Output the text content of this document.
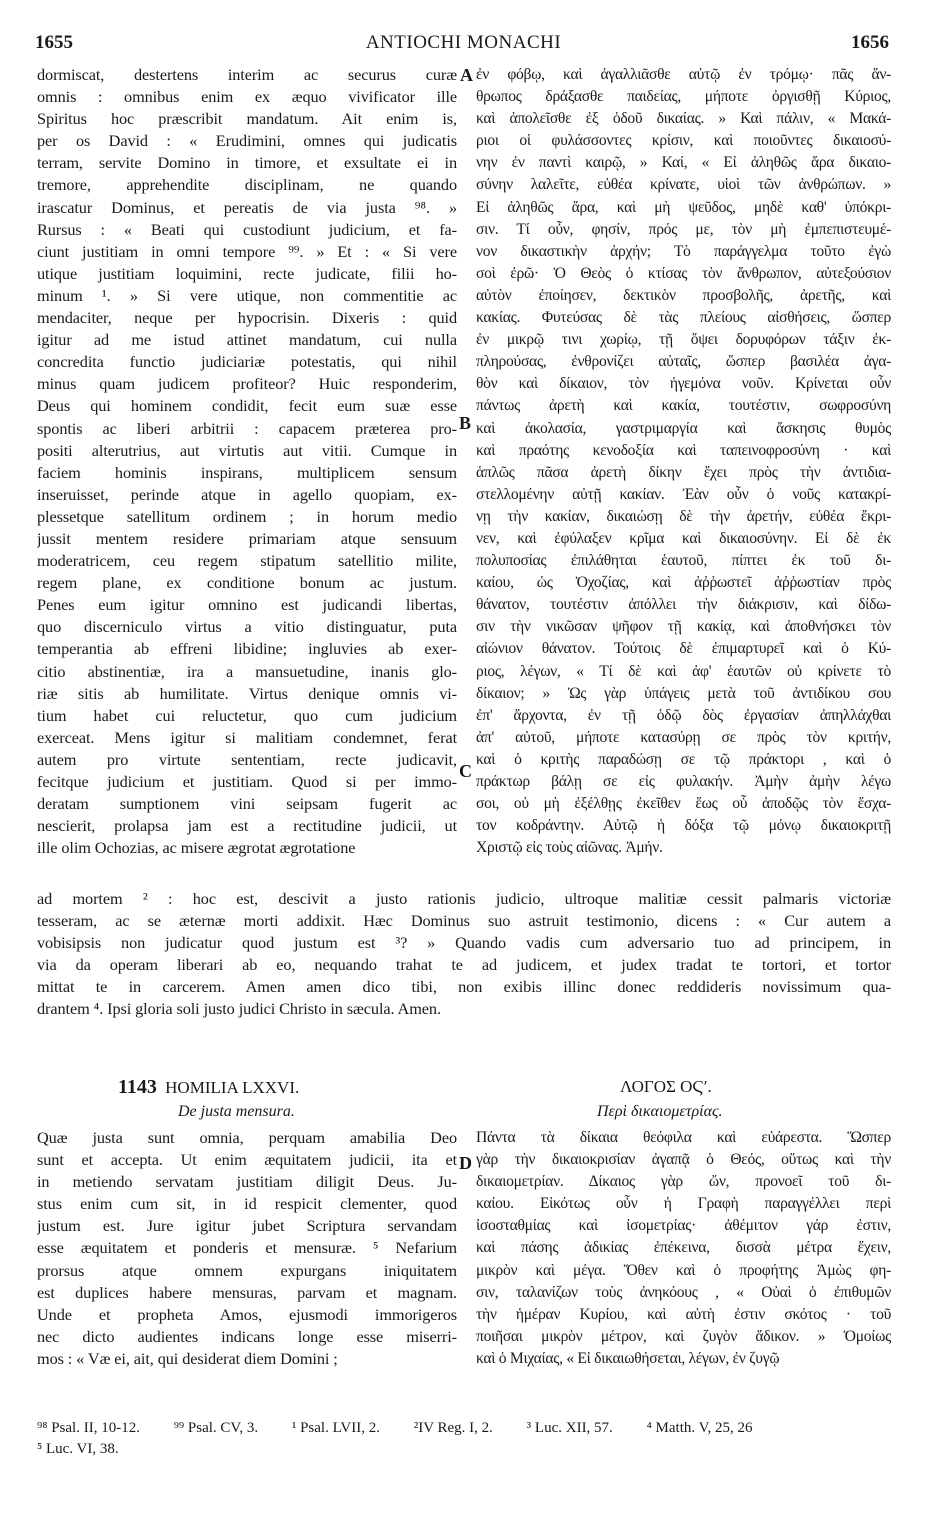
1655	ANTIOCHI MONACHI	1656
dormiscat, destertens interim ac securus curæ
omnis : omnibus enim ex æquo vivificator ille
Spiritus hoc præscribit mandatum. Ait enim is,
per os David : « Erudimini, omnes qui judicatis
terram, servite Domino in timore, et exsultate ei in
tremore, apprehendite disciplinam, ne quando
irascatur Dominus, et pereatis de via justa ⁹⁸. »
Rursus : « Beati qui custodiunt judicium, et fa-
ciunt justitiam in omni tempore ⁹⁹. » Et : « Si vere
utique justitiam loquimini, recte judicate, filii ho-
minum ¹. » Si vere utique, non commentitie ac
mendaciter, neque per hypocrisin. Dixeris : quid
igitur ad me istud attinet mandatum, cui nulla
concredita functio judiciariæ potestatis, qui nihil
minus quam judicem profiteor? Huic responderim,
Deus qui hominem condidit, fecit eum suæ esse
spontis ac liberi arbitrii : capacem præterea pro-
positi alterutrius, aut virtutis aut vitii. Cumque in
faciem hominis inspirans, multiplicem sensum
inseruisset, perinde atque in agello quopiam, ex-
plessetque satellitum ordinem ; in horum medio
jussit mentem residere primariam atque sensuum
moderatricem, ceu regem stipatum satellitio milite,
regem plane, ex conditione bonum ac justum.
Penes eum igitur omnino est judicandi libertas,
quo discerniculo virtus a vitio distinguatur, puta
temperantia ab effreni libidine; ingluvies ab exer-
citio abstinentiæ, ira a mansuetudine, inanis glo-
riæ sitis ab humilitate. Virtus denique omnis vi-
tium habet cui reluctetur, quo cum judicium
exerceat. Mens igitur si malitiam condemnet, ferat
autem pro virtute sententiam, recte judicavit,
fecitque judicium et justitiam. Quod si per immo-
deratam sumptionem vini seipsam fugerit ac
nescierit, prolapsa jam est a rectitudine judicii, ut
ille olim Ochozias, ac misere ægrotat ægrotatione
ἐν φόβῳ, καὶ ἀγαλλιᾶσθε αὐτῷ ἐν τρόμῳ· πᾶς ἄν-
θρωπος δράξασθε παιδείας, μήποτε ὀργισθῇ Κύριος,
καὶ ἀπολεῖσθε ἐξ ὁδοῦ δικαίας. » Καὶ πάλιν, « Μακά-
ριοι οἱ φυλάσσοντες κρίσιν, καὶ ποιοῦντες δικαιοσύ-
νην ἐν παντὶ καιρῷ, » Καί, « Εἰ ἀληθῶς ἄρα δικαιο-
σύνην λαλεῖτε, εὐθέα κρίνατε, υἱοὶ τῶν ἀνθρώπων. »
Εἰ ἀληθῶς ἄρα, καὶ μὴ ψεῦδος, μηδὲ καθ' ὑπόκρι-
σιν. Τί οὖν, φησίν, πρός με, τὸν μὴ ἐμπεπιστευμέ-
νον δικαστικὴν ἀρχήν; Τὸ παράγγελμα τοῦτο ἐγὼ
σοὶ ἐρῶ· Ὁ Θεὸς ὁ κτίσας τὸν ἄνθρωπον, αὐτεξούσιον
αὐτὸν ἐποίησεν, δεκτικὸν προσβολῆς, ἀρετῆς, καὶ
κακίας. Φυτεύσας δὲ τὰς πλείους αἰσθήσεις, ὥσπερ
ἐν μικρῷ τινι χωρίῳ, τῇ ὄψει δορυφόρων τάξιν ἐκ-
πληρούσας, ἐνθρονίζει αὐταῖς, ὥσπερ βασιλέα ἀγα-
θὸν καὶ δίκαιον, τὸν ἡγεμόνα νοῦν. Κρίνεται οὖν
πάντως ἀρετὴ καὶ κακία, τουτέστιν, σωφροσύνη
καὶ ἀκολασία, γαστριμαργία καὶ ἄσκησις θυμὸς
καὶ πραότης κενοδοξία καὶ ταπεινοφροσύνη · καὶ
ἁπλῶς πᾶσα ἀρετὴ δίκην ἔχει πρὸς τὴν ἀντιδια-
στελλομένην αὐτῇ κακίαν. Ἐὰν οὖν ὁ νοῦς κατακρί-
νῃ τὴν κακίαν, δικαιώσῃ δὲ τὴν ἀρετήν, εὐθέα ἔκρι-
νεν, καὶ ἐφύλαξεν κρῖμα καὶ δικαιοσύνην. Εἰ δὲ ἐκ
πολυποσίας ἐπιλάθηται ἑαυτοῦ, πίπτει ἐκ τοῦ δι-
καίου, ὡς Ὀχοζίας, καὶ ἀῤῥωστεῖ ἀῤῥωστίαν πρὸς
θάνατον, τουτέστιν ἀπόλλει τὴν διάκρισιν, καὶ δίδω-
σιν τὴν νικῶσαν ψῆφον τῇ κακίᾳ, καὶ ἀποθνήσκει τὸν
αἰώνιον θάνατον. Τούτοις δὲ ἐπιμαρτυρεῖ καὶ ὁ Κύ-
ριος, λέγων, « Τί δὲ καὶ ἀφ' ἑαυτῶν οὐ κρίνετε τὸ
δίκαιον; » Ὡς γὰρ ὑπάγεις μετὰ τοῦ ἀντιδίκου σου
ἐπ' ἄρχοντα, ἐν τῇ ὁδῷ δὸς ἐργασίαν ἀπηλλάχθαι
ἀπ' αὐτοῦ, μήποτε κατασύρῃ σε πρὸς τὸν κριτήν,
καὶ ὁ κριτὴς παραδώσῃ σε τῷ πράκτορι , καὶ ὁ
πράκτωρ βάλῃ σε εἰς φυλακήν. Ἀμὴν ἀμὴν λέγω
σοι, οὐ μὴ ἐξέλθῃς ἐκεῖθεν ἕως οὗ ἀποδῷς τὸν ἔσχα-
τον κοδράντην. Αὐτῷ ἡ δόξα τῷ μόνῳ δικαιοκριτῇ
Χριστῷ εἰς τοὺς αἰῶνας. Ἀμήν.
A
B
C
D
ad mortem ² : hoc est, descivit a justo rationis judicio, ultroque malitiæ cessit palmaris victoriæ
tesseram, ac se æternæ morti addixit. Hæc Dominus suo astruit testimonio, dicens : « Cur autem a
vobisipsis non judicatur quod justum est ³? » Quando vadis cum adversario tuo ad principem, in
via da operam liberari ab eo, nequando trahat te ad judicem, et judex tradat te tortori, et tortor
mittat te in carcerem. Amen amen dico tibi, non exibis illinc donec reddideris novissimum qua-
drantem ⁴. Ipsi gloria soli justo judici Christo in sæcula. Amen.
1143 HOMILIA LXXVI.
De justa mensura.
ΛΟΓΟΣ ΟϚʹ.
Περὶ δικαιομετρίας.
Quæ justa sunt omnia, perquam amabilia Deo
sunt et accepta. Ut enim æquitatem judicii, ita et
in metiendo servatam justitiam diligit Deus. Ju-
stus enim cum sit, in id respicit clementer, quod
justum est. Jure igitur jubet Scriptura servandam
esse æquitatem et ponderis et mensuræ. ⁵ Nefarium
prorsus atque omnem expurgans iniquitatem
est duplices habere mensuras, parvam et magnam.
Unde et propheta Amos, ejusmodi immorigeros
nec dicto audientes indicans longe esse miserri-
mos : « Væ ei, ait, qui desiderat diem Domini ;
Πάντα τὰ δίκαια θεόφιλα καὶ εὐάρεστα. Ὥσπερ
γὰρ τὴν δικαιοκρισίαν ἀγαπᾷ ὁ Θεός, οὕτως καὶ τὴν
δικαιομετρίαν. Δίκαιος γὰρ ὤν, προνοεῖ τοῦ δι-
καίου. Εἰκότως οὖν ἡ Γραφὴ παραγγέλλει περὶ
ἰσοσταθμίας καὶ ἰσομετρίας· ἀθέμιτον γάρ ἐστιν,
καὶ πάσης ἀδικίας ἐπέκεινα, δισσὰ μέτρα ἔχειν,
μικρὸν καὶ μέγα. Ὅθεν καὶ ὁ προφήτης Ἀμὼς φη-
σιν, ταλανίζων τοὺς ἀνηκόους , « Οὐαὶ ὁ ἐπιθυμῶν
τὴν ἡμέραν Κυρίου, καὶ αὐτὴ ἐστιν σκότος · τοῦ
ποιῆσαι μικρὸν μέτρον, καὶ ζυγὸν ἄδικον. » Ὁμοίως
καὶ ὁ Μιχαίας, « Εἰ δικαιωθήσεται, λέγων, ἐν ζυγῷ
⁹⁸ Psal. II, 10-12. ⁹⁹ Psal. CV, 3. ¹ Psal. LVII, 2. ²IV Reg. I, 2. ³ Luc. XII, 57. ⁴ Matth. V, 25, 26
⁵ Luc. VI, 38.
